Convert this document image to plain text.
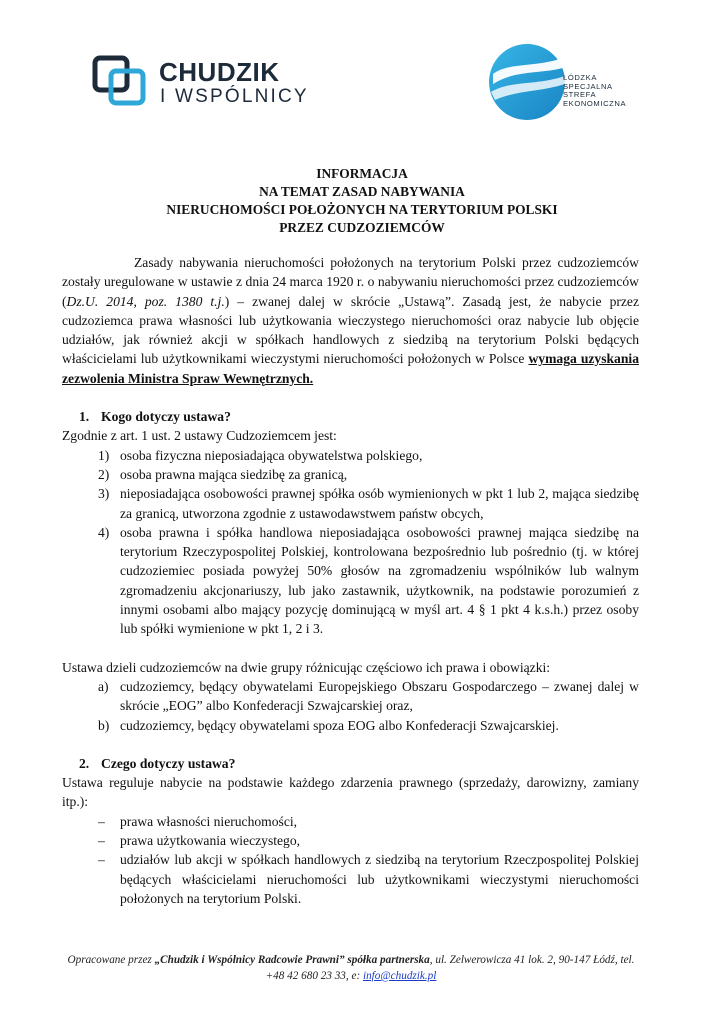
CHUDZIK
I WSPÓLNICY
ŁÓDZKA
SPECJALNA
STREFA
EKONOMICZNA
INFORMACJA
NA TEMAT ZASAD NABYWANIA
NIERUCHOMOŚCI POŁOŻONYCH NA TERYTORIUM POLSKI
PRZEZ CUDZOZIEMCÓW

Zasady nabywania nieruchomości położonych na terytorium Polski przez cudzoziemców zostały uregulowane w ustawie z dnia 24 marca 1920 r. o nabywaniu nieruchomości przez cudzoziemców (Dz.U. 2014, poz. 1380 t.j.) – zwanej dalej w skrócie „Ustawą”. Zasadą jest, że nabycie przez cudzoziemca prawa własności lub użytkowania wieczystego nieruchomości oraz nabycie lub objęcie udziałów, jak również akcji w spółkach handlowych z siedzibą na terytorium Polski będących właścicielami lub użytkownikami wieczystymi nieruchomości położonych w Polsce wymaga uzyskania zezwolenia Ministra Spraw Wewnętrznych.

1. Kogo dotyczy ustawa?

Zgodnie z art. 1 ust. 2 ustawy Cudzoziemcem jest:

1) osoba fizyczna nieposiadająca obywatelstwa polskiego,
2) osoba prawna mająca siedzibę za granicą,
3) nieposiadająca osobowości prawnej spółka osób wymienionych w pkt 1 lub 2, mająca siedzibę za granicą, utworzona zgodnie z ustawodawstwem państw obcych,
4) osoba prawna i spółka handlowa nieposiadająca osobowości prawnej mająca siedzibę na terytorium Rzeczypospolitej Polskiej, kontrolowana bezpośrednio lub pośrednio (tj. w której cudzoziemiec posiada powyżej 50% głosów na zgromadzeniu wspólników lub walnym zgromadzeniu akcjonariuszy, lub jako zastawnik, użytkownik, na podstawie porozumień z innymi osobami albo mający pozycję dominującą w myśl art. 4 § 1 pkt 4 k.s.h.) przez osoby lub spółki wymienione w pkt 1, 2 i 3.

Ustawa dzieli cudzoziemców na dwie grupy różnicując częściowo ich prawa i obowiązki:

a) cudzoziemcy, będący obywatelami Europejskiego Obszaru Gospodarczego – zwanej dalej w skrócie „EOG” albo Konfederacji Szwajcarskiej oraz,
b) cudzoziemcy, będący obywatelami spoza EOG albo Konfederacji Szwajcarskiej.
2. Czego dotyczy ustawa?

Ustawa reguluje nabycie na podstawie każdego zdarzenia prawnego (sprzedaży, darowizny, zamiany itp.):

– prawa własności nieruchomości,
– prawa użytkowania wieczystego,
– udziałów lub akcji w spółkach handlowych z siedzibą na terytorium Rzeczpospolitej Polskiej będących właścicielami nieruchomości lub użytkownikami wieczystymi nieruchomości położonych na terytorium Polski.
Opracowane przez „Chudzik i Wspólnicy Radcowie Prawni” spółka partnerska, ul. Zelwerowicza 41 lok. 2, 90-147 Łódź, tel. +48 42 680 23 33, e: info@chudzik.pl
